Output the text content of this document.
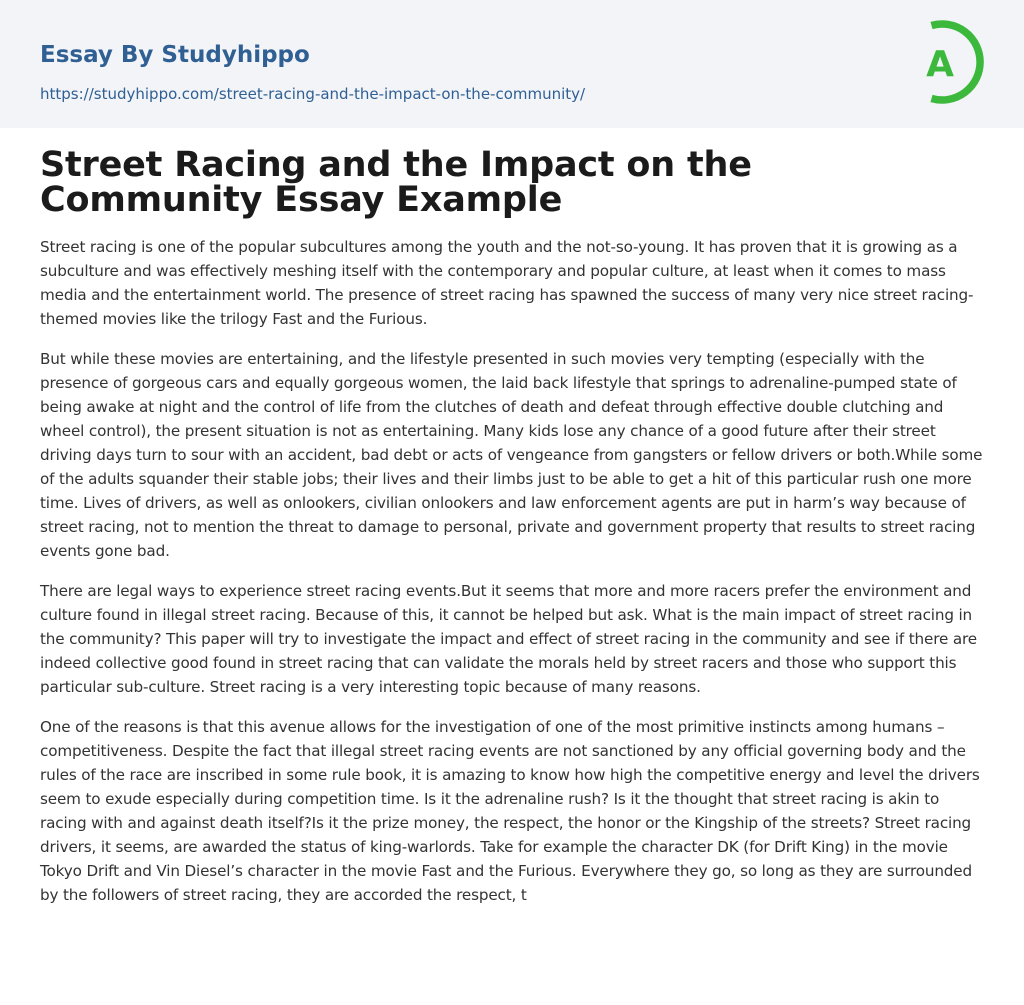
Essay By Studyhippo
https://studyhippo.com/street-racing-and-the-impact-on-the-community/
A
Street Racing and the Impact on the Community Essay Example

Street racing is one of the popular subcultures among the youth and the not-so-young. It has proven that it is growing as a subculture and was effectively meshing itself with the contemporary and popular culture, at least when it comes to mass media and the entertainment world. The presence of street racing has spawned the success of many very nice street racing-themed movies like the trilogy Fast and the Furious.

But while these movies are entertaining, and the lifestyle presented in such movies very tempting (especially with the presence of gorgeous cars and equally gorgeous women, the laid back lifestyle that springs to adrenaline-pumped state of being awake at night and the control of life from the clutches of death and defeat through effective double clutching and wheel control), the present situation is not as entertaining. Many kids lose any chance of a good future after their street driving days turn to sour with an accident, bad debt or acts of vengeance from gangsters or fellow drivers or both.While some of the adults squander their stable jobs; their lives and their limbs just to be able to get a hit of this particular rush one more time. Lives of drivers, as well as onlookers, civilian onlookers and law enforcement agents are put in harm’s way because of street racing, not to mention the threat to damage to personal, private and government property that results to street racing events gone bad.

There are legal ways to experience street racing events.But it seems that more and more racers prefer the environment and culture found in illegal street racing. Because of this, it cannot be helped but ask. What is the main impact of street racing in the community? This paper will try to investigate the impact and effect of street racing in the community and see if there are indeed collective good found in street racing that can validate the morals held by street racers and those who support this particular sub-culture. Street racing is a very interesting topic because of many reasons.

One of the reasons is that this avenue allows for the investigation of one of the most primitive instincts among humans – competitiveness. Despite the fact that illegal street racing events are not sanctioned by any official governing body and the rules of the race are inscribed in some rule book, it is amazing to know how high the competitive energy and level the drivers seem to exude especially during competition time. Is it the adrenaline rush? Is it the thought that street racing is akin to racing with and against death itself?Is it the prize money, the respect, the honor or the Kingship of the streets? Street racing drivers, it seems, are awarded the status of king-warlords. Take for example the character DK (for Drift King) in the movie Tokyo Drift and Vin Diesel’s character in the movie Fast and the Furious. Everywhere they go, so long as they are surrounded by the followers of street racing, they are accorded the respect, t
